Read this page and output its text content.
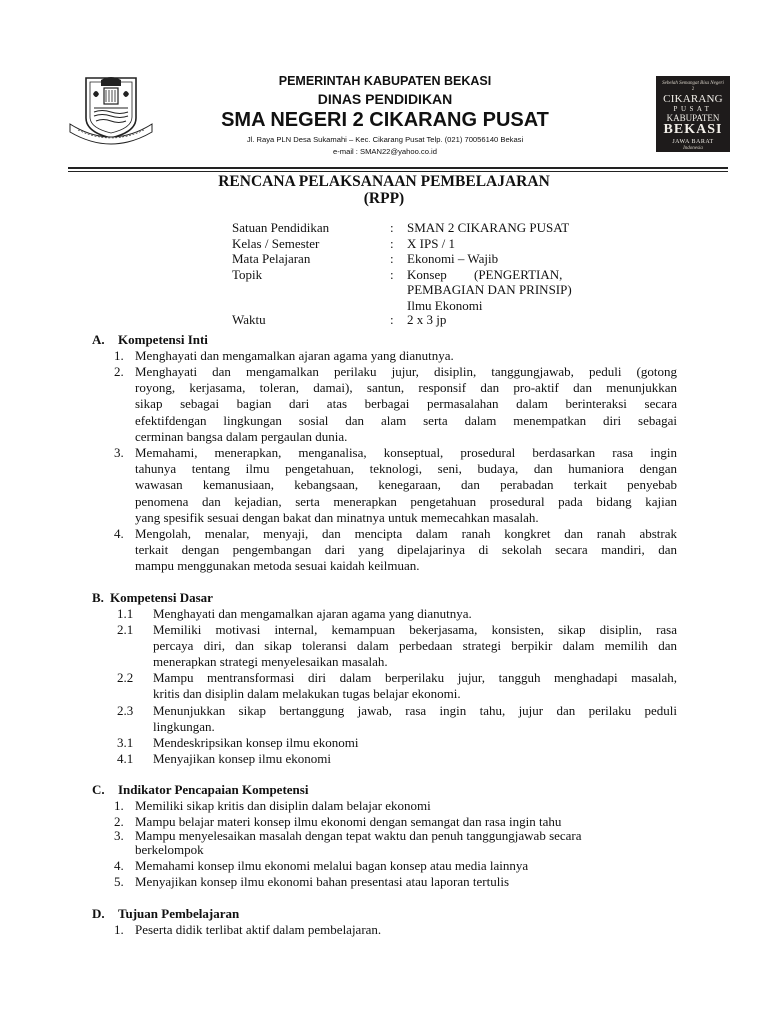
Sebelah Semangat Bisa Negeri
2
CIKARANG
PUSAT
KABUPATEN
BEKASI
JAWA BARAT
Indonesia
PEMERINTAH KABUPATEN BEKASI
DINAS PENDIDIKAN
SMA NEGERI 2 CIKARANG PUSAT
Jl. Raya PLN Desa Sukamahi – Kec. Cikarang Pusat Telp. (021) 70056140 Bekasi
e-mail : SMAN22@yahoo.co.id
RENCANA PELAKSANAAN PEMBELAJARAN
(RPP)
Satuan Pendidikan	: SMAN 2 CIKARANG PUSAT
Kelas / Semester	: X IPS / 1
Mata Pelajaran	: Ekonomi – Wajib
Topik	: Konsep (PENGERTIAN,
PEMBAGIAN DAN PRINSIP)
Ilmu Ekonomi
Waktu	: 2 x 3 jp
A. Kompetensi Inti
1. Menghayati dan mengamalkan ajaran agama yang dianutnya.
2. Menghayati dan mengamalkan perilaku jujur, disiplin, tanggungjawab, peduli (gotong
royong, kerjasama, toleran, damai), santun, responsif dan pro-aktif dan menunjukkan
sikap sebagai bagian dari atas berbagai permasalahan dalam berinteraksi secara
efektifdengan lingkungan sosial dan alam serta dalam menempatkan diri sebagai
cerminan bangsa dalam pergaulan dunia.
3. Memahami, menerapkan, menganalisa, konseptual, prosedural berdasarkan rasa ingin
tahunya tentang ilmu pengetahuan, teknologi, seni, budaya, dan humaniora dengan
wawasan kemanusiaan, kebangsaan, kenegaraan, dan perabadan terkait penyebab
penomena dan kejadian, serta menerapkan pengetahuan prosedural pada bidang kajian
yang spesifik sesuai dengan bakat dan minatnya untuk memecahkan masalah.
4. Mengolah, menalar, menyaji, dan mencipta dalam ranah kongkret dan ranah abstrak
terkait dengan pengembangan dari yang dipelajarinya di sekolah secara mandiri, dan
mampu menggunakan metoda sesuai kaidah keilmuan.
B. Kompetensi Dasar
1.1 Menghayati dan mengamalkan ajaran agama yang dianutnya.
2.1 Memiliki motivasi internal, kemampuan bekerjasama, konsisten, sikap disiplin, rasa
percaya diri, dan sikap toleransi dalam perbedaan strategi berpikir dalam memilih dan
menerapkan strategi menyelesaikan masalah.
2.2 Mampu mentransformasi diri dalam berperilaku jujur, tangguh menghadapi masalah,
kritis dan disiplin dalam melakukan tugas belajar ekonomi.
2.3 Menunjukkan sikap bertanggung jawab, rasa ingin tahu, jujur dan perilaku peduli
lingkungan.
3.1 Mendeskripsikan konsep ilmu ekonomi
4.1 Menyajikan konsep ilmu ekonomi
C. Indikator Pencapaian Kompetensi
1. Memiliki sikap kritis dan disiplin dalam belajar ekonomi
2. Mampu belajar materi konsep ilmu ekonomi dengan semangat dan rasa ingin tahu
3. Mampu menyelesaikan masalah dengan tepat waktu dan penuh tanggungjawab secara
berkelompok
4. Memahami konsep ilmu ekonomi melalui bagan konsep atau media lainnya
5. Menyajikan konsep ilmu ekonomi bahan presentasi atau laporan tertulis
D. Tujuan Pembelajaran
1. Peserta didik terlibat aktif dalam pembelajaran.
